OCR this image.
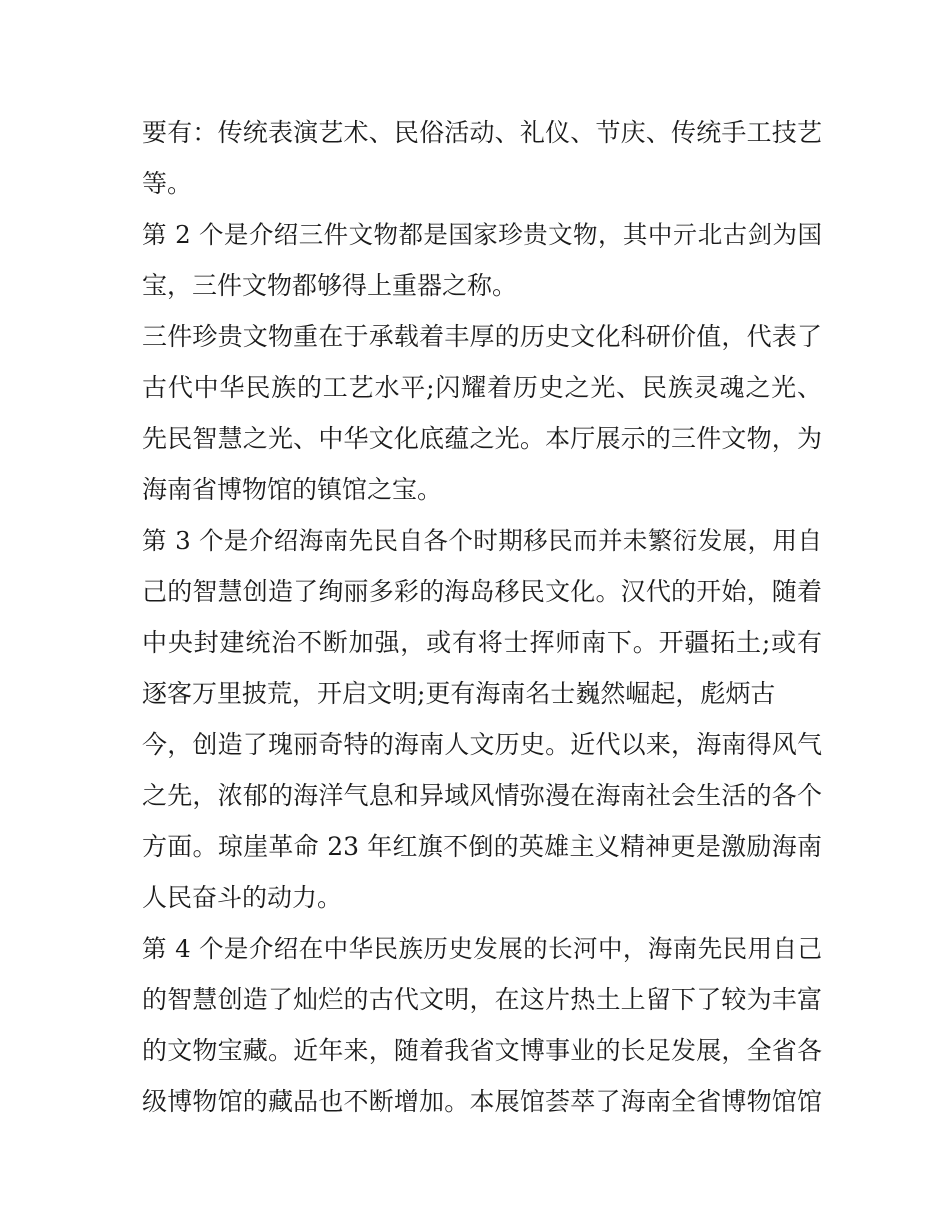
要有：传统表演艺术、民俗活动、礼仪、节庆、传统手工技艺
等。
第 2 个是介绍三件文物都是国家珍贵文物，其中亓北古剑为国
宝，三件文物都够得上重器之称。
三件珍贵文物重在于承载着丰厚的历史文化科研价值，代表了
古代中华民族的工艺水平;闪耀着历史之光、民族灵魂之光、
先民智慧之光、中华文化底蕴之光。本厅展示的三件文物，为
海南省博物馆的镇馆之宝。
第 3 个是介绍海南先民自各个时期移民而并未繁衍发展，用自
己的智慧创造了绚丽多彩的海岛移民文化。汉代的开始，随着
中央封建统治不断加强，或有将士挥师南下。开疆拓土;或有
逐客万里披荒，开启文明;更有海南名士巍然崛起，彪炳古
今，创造了瑰丽奇特的海南人文历史。近代以来，海南得风气
之先，浓郁的海洋气息和异域风情弥漫在海南社会生活的各个
方面。琼崖革命 23 年红旗不倒的英雄主义精神更是激励海南
人民奋斗的动力。
第 4 个是介绍在中华民族历史发展的长河中，海南先民用自己
的智慧创造了灿烂的古代文明，在这片热土上留下了较为丰富
的文物宝藏。近年来，随着我省文博事业的长足发展，全省各
级博物馆的藏品也不断增加。本展馆荟萃了海南全省博物馆馆
